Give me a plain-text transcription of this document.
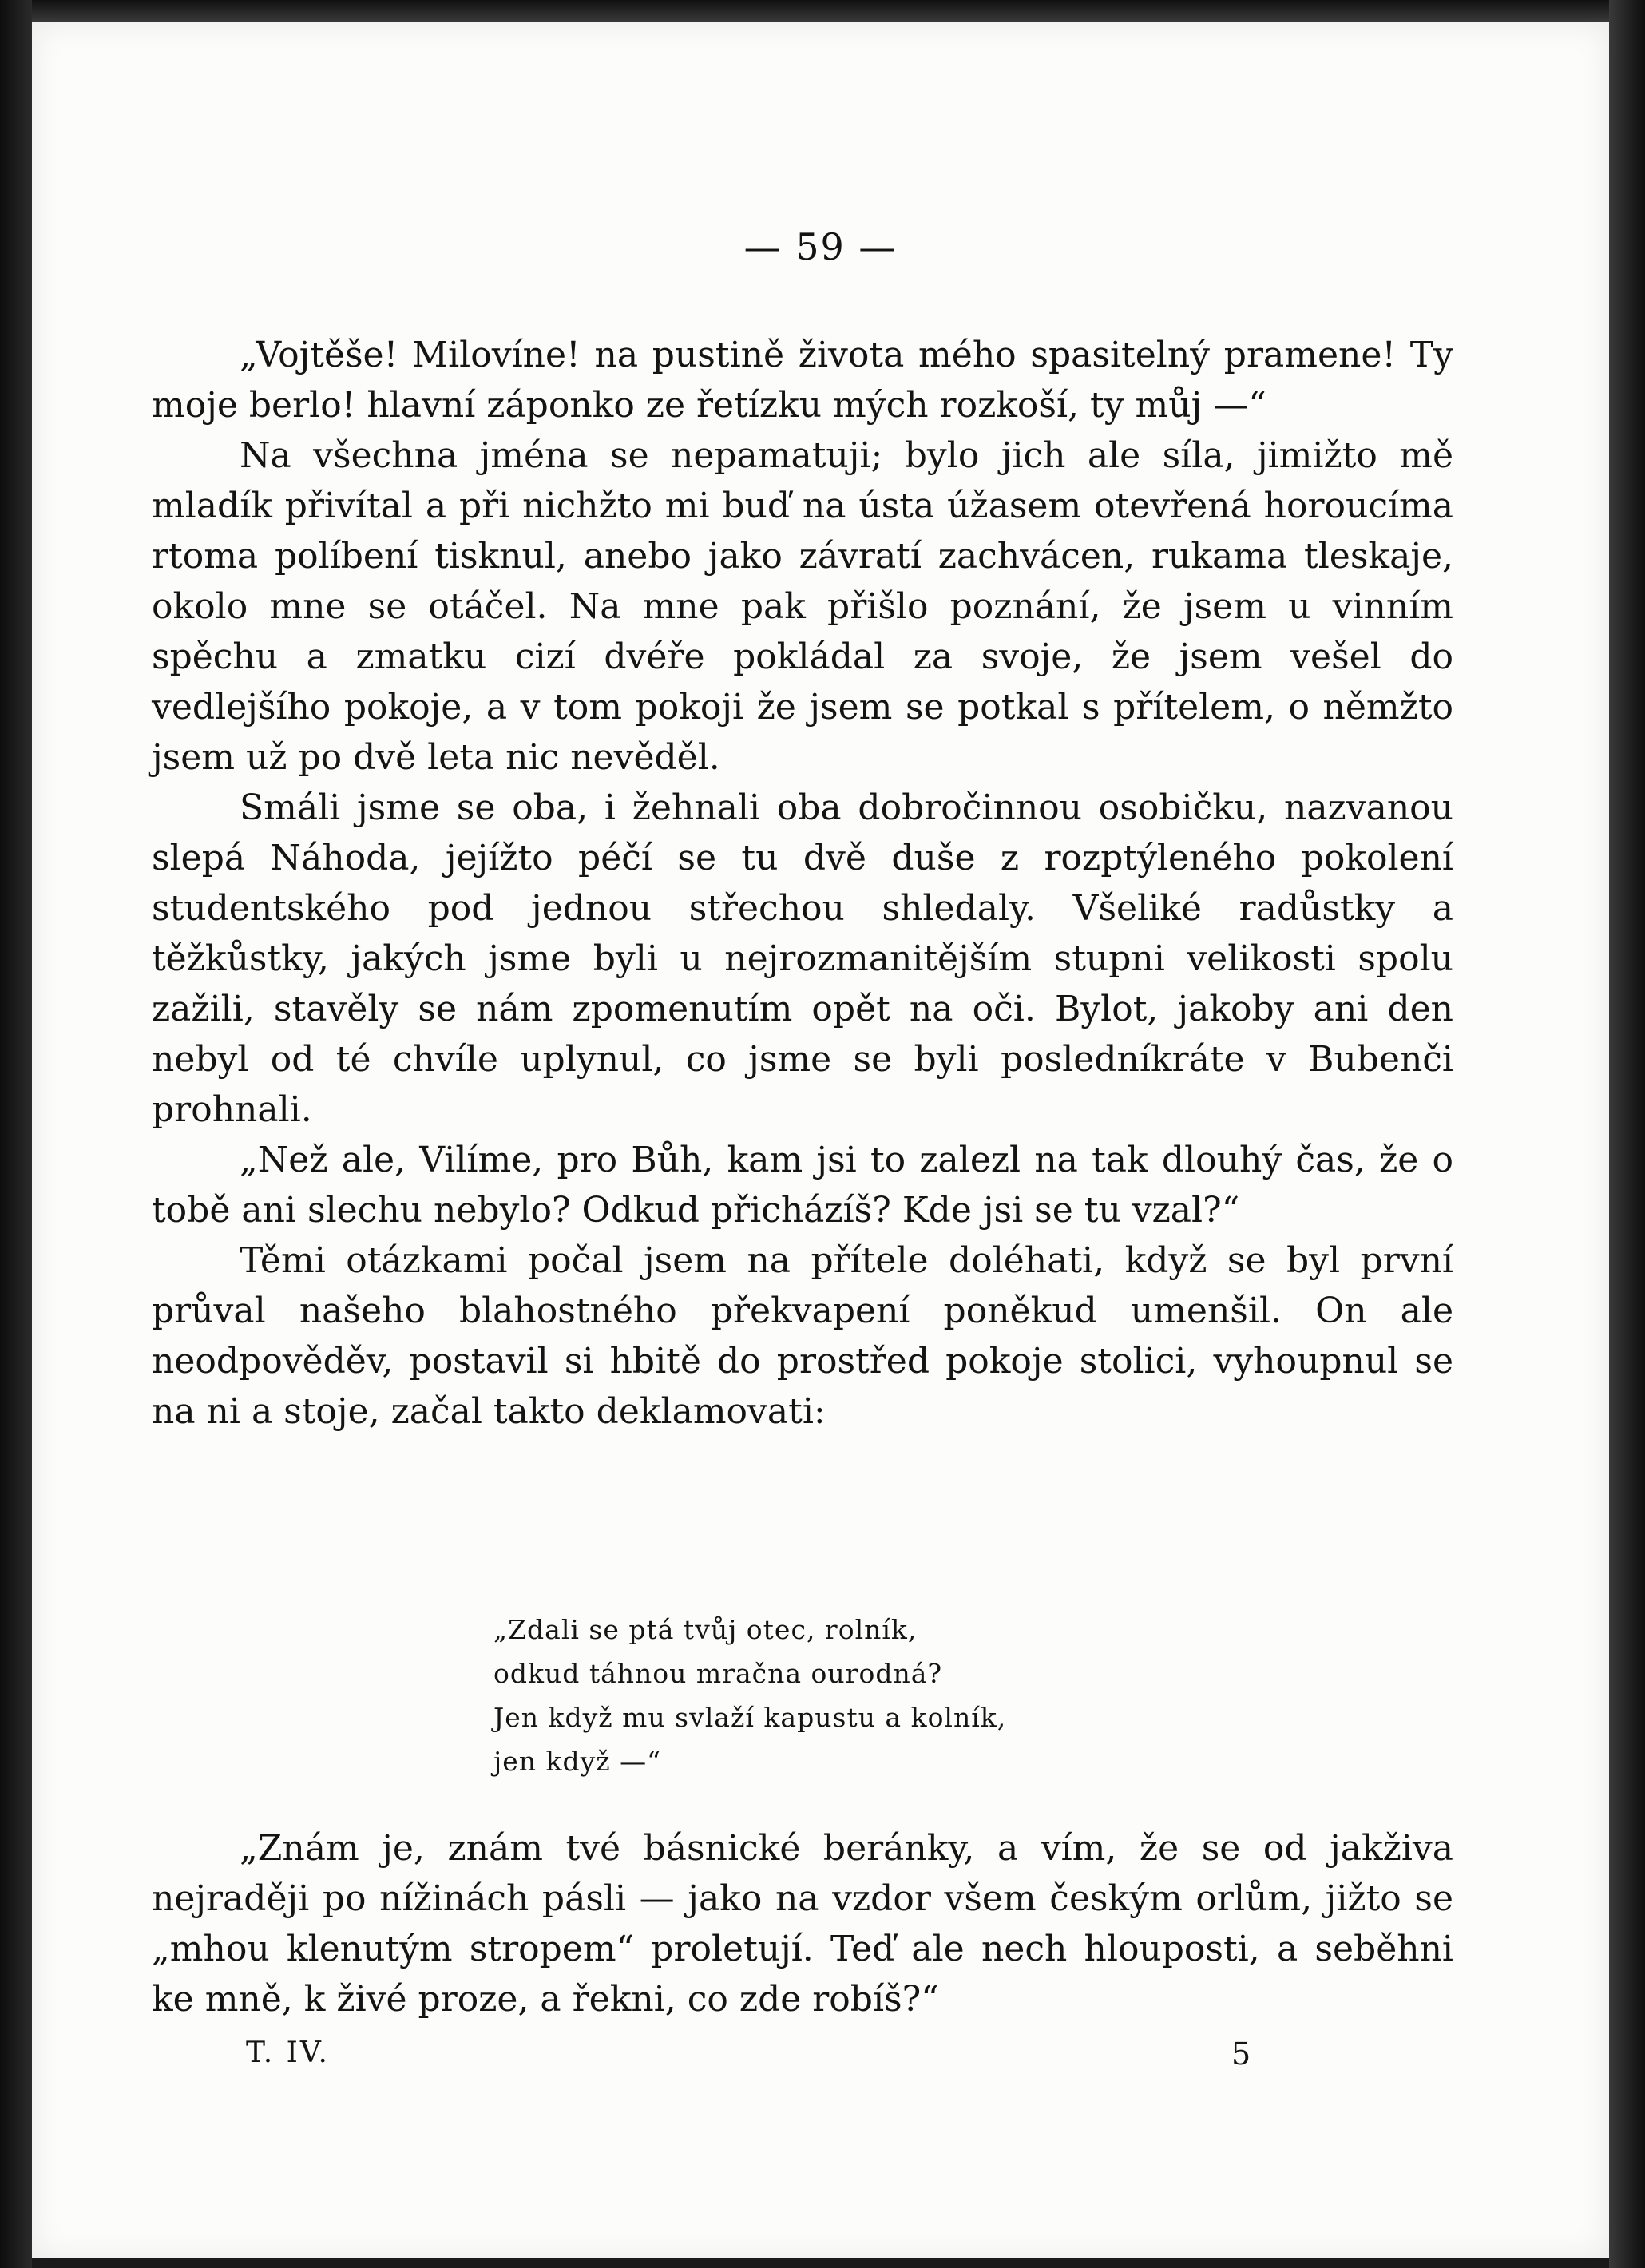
— 59 —

„Vojtěše! Milovíne! na pustině života mého spasitelný pramene! Ty moje berlo! hlavní záponko ze řetízku mých rozkoší, ty můj —“

Na všechna jména se nepamatuji; bylo jich ale síla, jimižto mě mladík přivítal a při nichžto mi buď na ústa úžasem otevřená horoucíma rtoma políbení tisknul, anebo jako závratí zachvácen, rukama tleskaje, okolo mne se otáčel. Na mne pak přišlo poznání, že jsem u vinním spěchu a zmatku cizí dvéře pokládal za svoje, že jsem vešel do vedlejšího pokoje, a v tom pokoji že jsem se potkal s přítelem, o němžto jsem už po dvě leta nic nevěděl.

Smáli jsme se oba, i žehnali oba dobročinnou osobičku, nazvanou slepá Náhoda, jejížto péčí se tu dvě duše z rozptýleného pokolení studentského pod jednou střechou shledaly. Všeliké radůstky a těžkůstky, jakých jsme byli u nejrozmanitějším stupni velikosti spolu zažili, stavěly se nám zpomenutím opět na oči. Bylot, jakoby ani den nebyl od té chvíle uplynul, co jsme se byli posledníkráte v Bubenči prohnali.

„Než ale, Vilíme, pro Bůh, kam jsi to zalezl na tak dlouhý čas, že o tobě ani slechu nebylo? Odkud přicházíš? Kde jsi se tu vzal?“

Těmi otázkami počal jsem na přítele doléhati, když se byl první průval našeho blahostného překvapení poněkud umenšil. On ale neodpověděv, postavil si hbitě do prostřed pokoje stolici, vyhoupnul se na ni a stoje, začal takto deklamovati:

„Zdali se ptá tvůj otec, rolník,
odkud táhnou mračna ourodná?
Jen když mu svlaží kapustu a kolník,
jen když —“

„Znám je, znám tvé básnické beránky, a vím, že se od jakživa nejraději po nížinách pásli — jako na vzdor všem českým orlům, jižto se „mhou klenutým stropem“ proletují. Teď ale nech hlouposti, a seběhni ke mně, k živé proze, a řekni, co zde robíš?“

T. IV.	5
